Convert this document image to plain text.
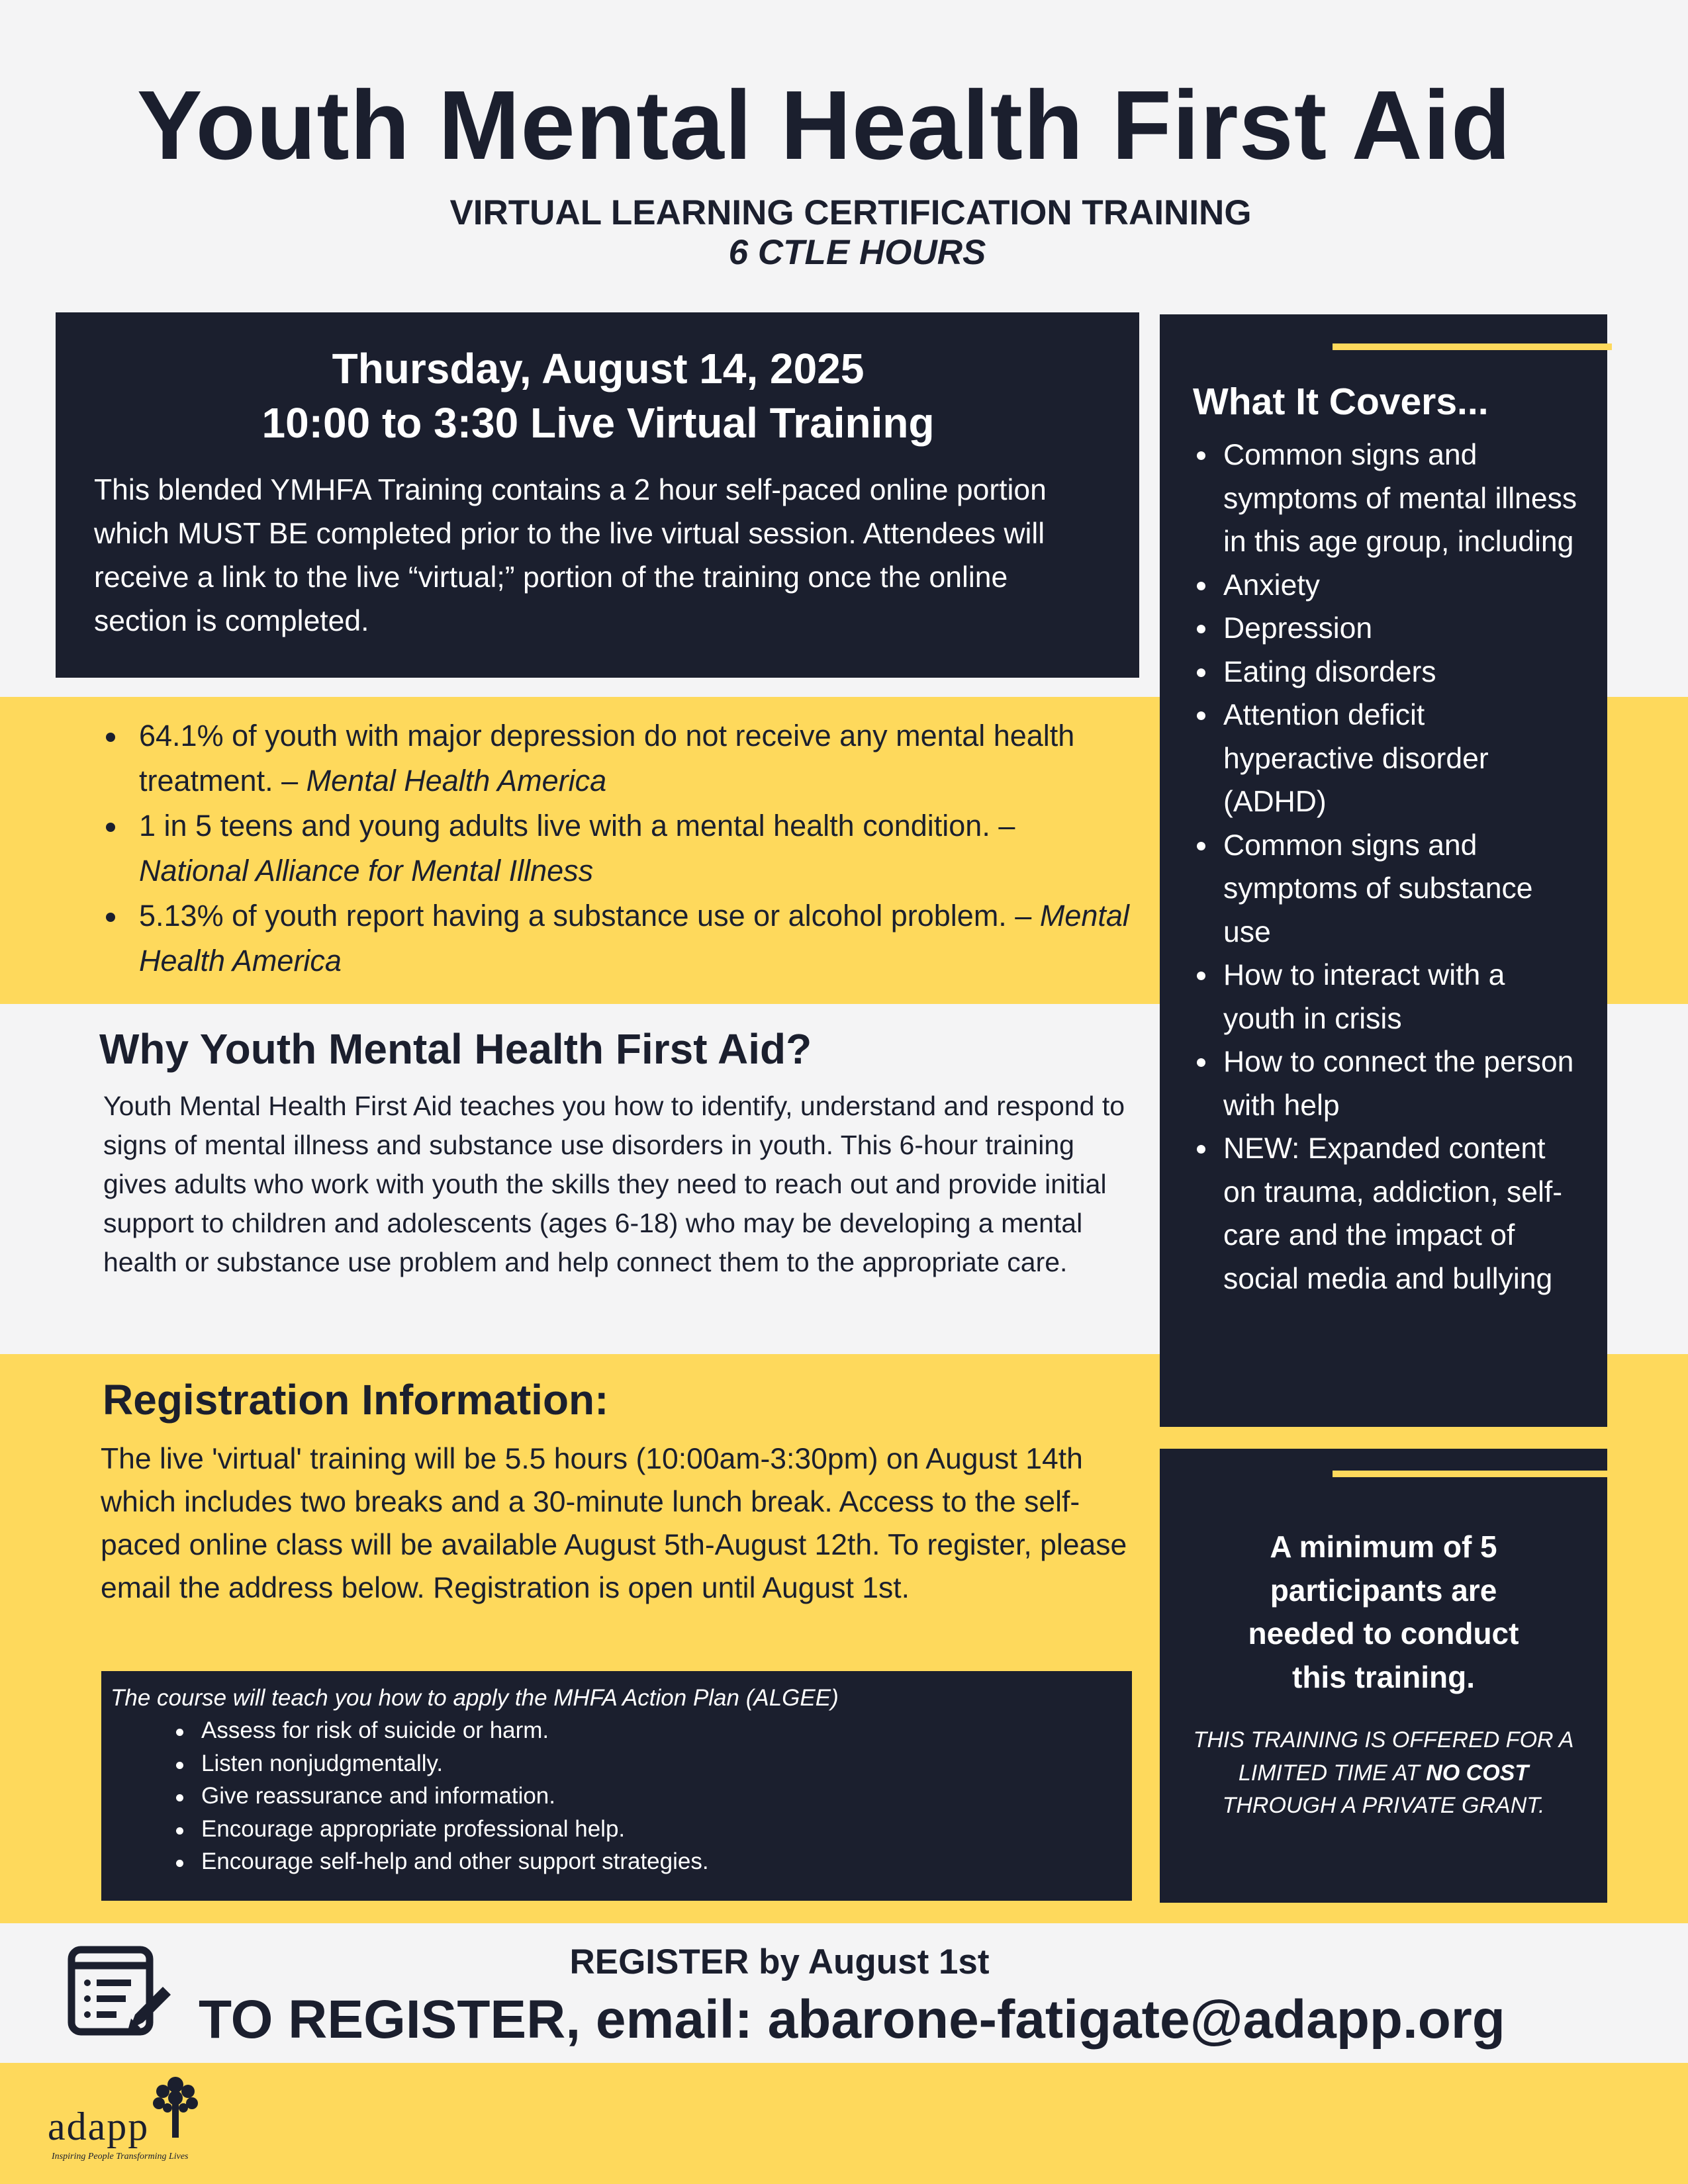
Youth Mental Health First Aid
VIRTUAL LEARNING CERTIFICATION TRAINING
6 CTLE HOURS
Thursday, August 14, 2025
10:00 to 3:30 Live Virtual Training

This blended YMHFA Training contains a 2 hour self-paced online portion which MUST BE completed prior to the live virtual session. Attendees will receive a link to the live “virtual;” portion of the training once the online section is completed.

64.1% of youth with major depression do not receive any mental health treatment. – Mental Health America
1 in 5 teens and young adults live with a mental health condition. – National Alliance for Mental Illness
5.13% of youth report having a substance use or alcohol problem. – Mental Health America
Why Youth Mental Health First Aid?

Youth Mental Health First Aid teaches you how to identify, understand and respond to signs of mental illness and substance use disorders in youth. This 6-hour training gives adults who work with youth the skills they need to reach out and provide initial support to children and adolescents (ages 6-18) who may be developing a mental health or substance use problem and help connect them to the appropriate care.

Registration Information:

The live 'virtual' training will be 5.5 hours (10:00am-3:30pm) on August 14th which includes two breaks and a 30-minute lunch break. Access to the self-paced online class will be available August 5th-August 12th. To register, please email the address below. Registration is open until August 1st.

The course will teach you how to apply the MHFA Action Plan (ALGEE)
Assess for risk of suicide or harm.
Listen nonjudgmentally.
Give reassurance and information.
Encourage appropriate professional help.
Encourage self-help and other support strategies.
What It Covers...
Common signs and symptoms of mental illness in this age group, including
Anxiety
Depression
Eating disorders
Attention deficit hyperactive disorder (ADHD)
Common signs and symptoms of substance use
How to interact with a youth in crisis
How to connect the person with help
NEW: Expanded content on trauma, addiction, self-care and the impact of social media and bullying
A minimum of 5 participants are needed to conduct this training.
THIS TRAINING IS OFFERED FOR A LIMITED TIME AT NO COST THROUGH A PRIVATE GRANT.
REGISTER by August 1st
TO REGISTER, email: abarone-fatigate@adapp.org
adapp
Inspiring People Transforming Lives
